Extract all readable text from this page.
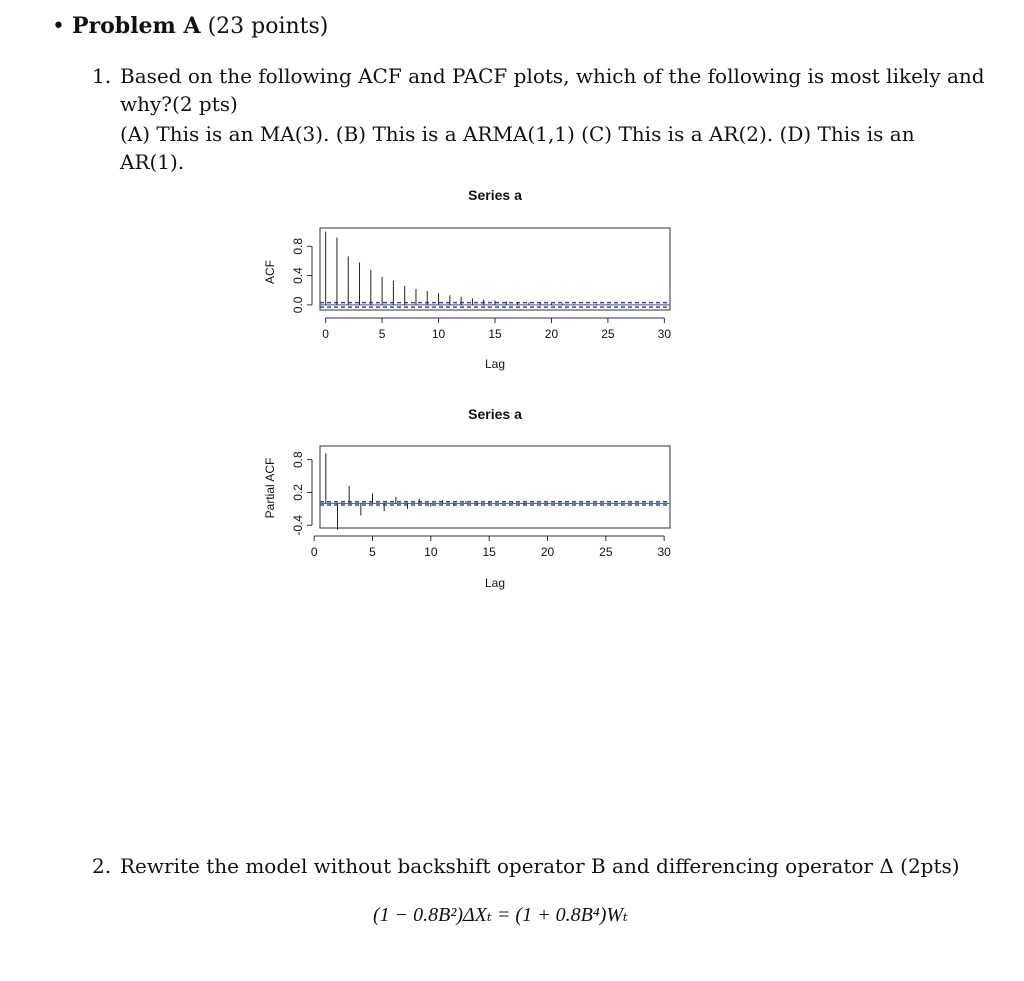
• Problem A (23 points)
1. Based on the following ACF and PACF plots, which of the following is most likely and
why?(2 pts)
(A) This is an MA(3). (B) This is a ARMA(1,1) (C) This is a AR(2). (D) This is an
AR(1).
Series a
ACF
Lag
0	5	10	15	20	25	30
0.0
0.4
0.8
Series a
Partial ACF
Lag
0	5	10	15	20	25	30
-0.4
0.2
0.8
2. Rewrite the model without backshift operator B and differencing operator Δ (2pts)
(1 − 0.8B²)ΔXₜ = (1 + 0.8B⁴)Wₜ
